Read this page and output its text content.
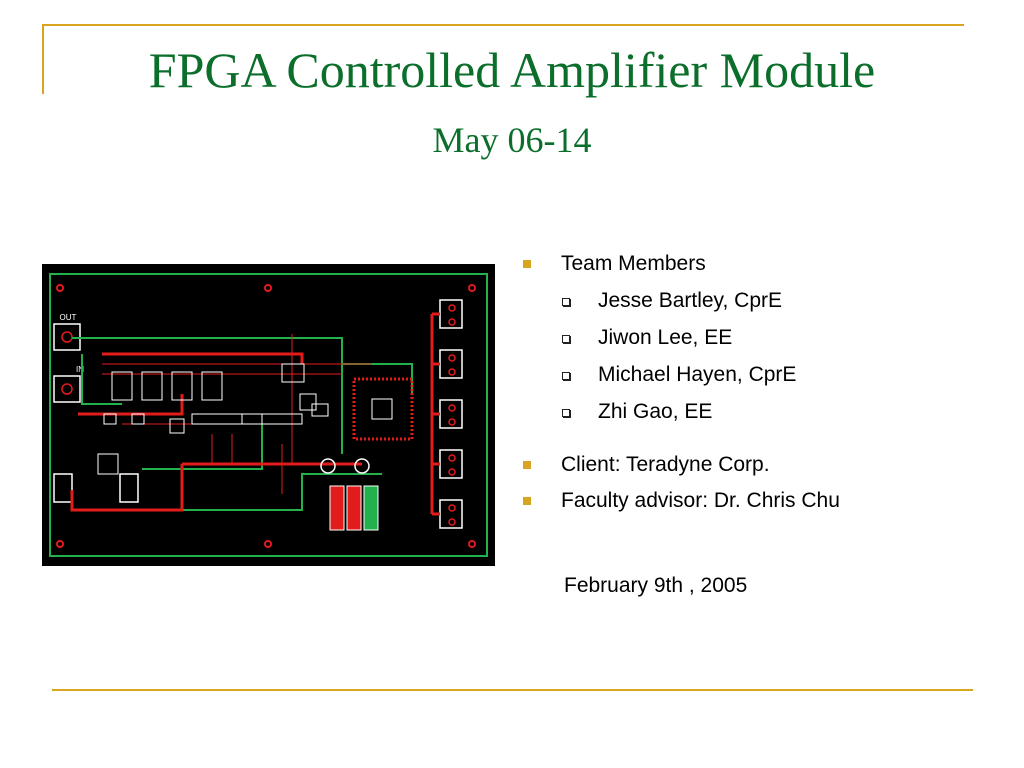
FPGA Controlled Amplifier Module
May 06-14
OUT
IN
Team Members
Jesse Bartley, CprE
Jiwon Lee, EE
Michael Hayen, CprE
Zhi Gao, EE
Client: Teradyne Corp.
Faculty advisor: Dr. Chris Chu
February 9th , 2005
